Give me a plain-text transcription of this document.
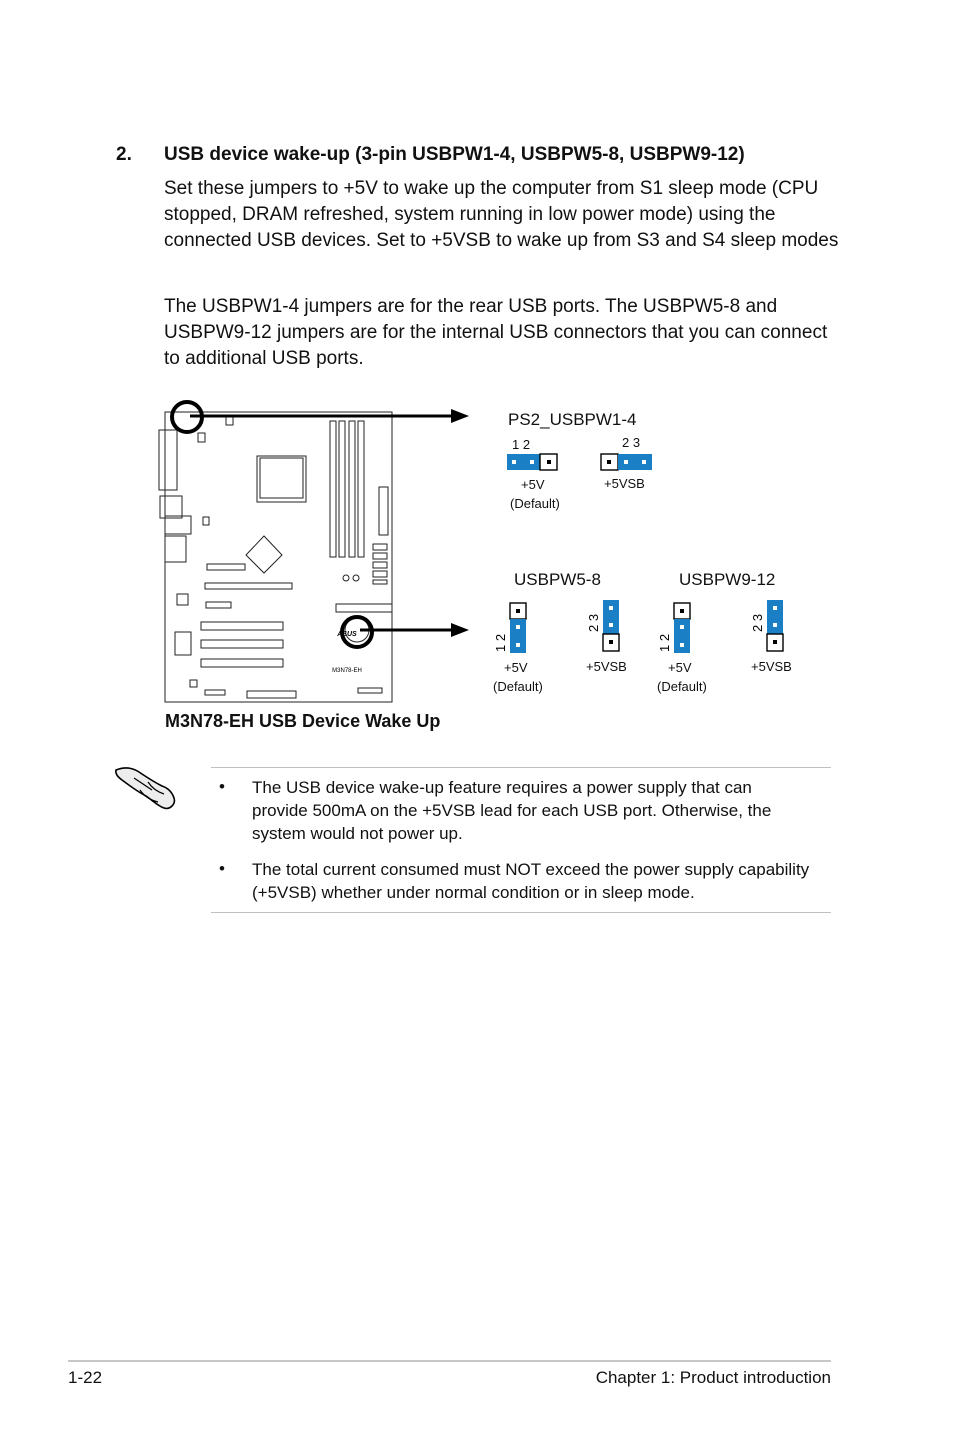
2. USB device wake-up (3-pin USBPW1-4, USBPW5-8, USBPW9-12)
Set these jumpers to +5V to wake up the computer from S1 sleep mode (CPU stopped, DRAM refreshed, system running in low power mode) using the connected USB devices. Set to +5VSB to wake up from S3 and S4 sleep modes
The USBPW1-4 jumpers are for the rear USB ports. The USBPW5-8 and USBPW9-12 jumpers are for the internal USB connectors that you can connect to additional USB ports.
M3N78-EH
ASUS	1 2
2 3
1 2
2 3
PS2_USBPW1-4
1 2	2 3
+5V
(Default)
+5VSB
USBPW5-8
+5V
(Default)
+5VSB
USBPW9-12
+5V
(Default)
+5VSB
M3N78-EH USB Device Wake Up
• The USB device wake-up feature requires a power supply that can provide 500mA on the +5VSB lead for each USB port. Otherwise, the system would not power up.
• The total current consumed must NOT exceed the power supply capability (+5VSB) whether under normal condition or in sleep mode.
1-22	Chapter 1: Product introduction
